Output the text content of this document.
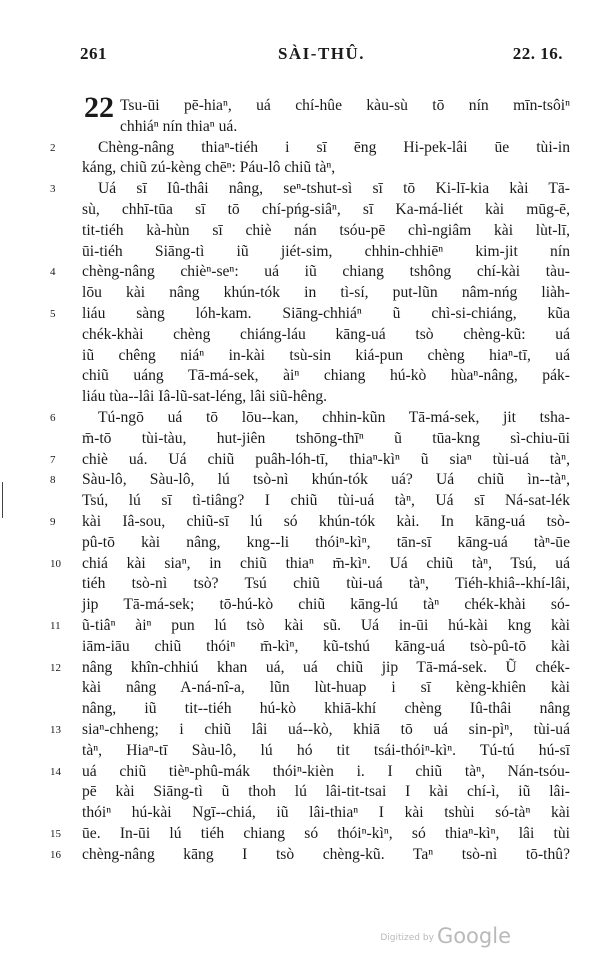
261	SÀI-THÛ.	22. 16.
22 Tsu-ūi pē-hiaⁿ, uá chí-hûe kàu-sù tō nín mīn-tsôiⁿ
chhiáⁿ nín thiaⁿ uá.
2	Chèng-nâng thiaⁿ-tiéh i sī ēng Hi-pek-lâi ūe tùi-in
káng, chiũ zú-kèng chēⁿ: Páu-lô chiũ tàⁿ,
3	Uá sī Iû-thâi nâng, seⁿ-tshut-sì sī tō Ki-lī-kia kài Tā-
sù, chhī-tūa sī tō chí-pńg-siâⁿ, sī Ka-má-liét kài mūg-ē,
tit-tiéh kà-hùn sī chiè nán tsóu-pē chì-ngiâm kài lùt-lī,
ūi-tiéh Siāng-tì iũ jiét-sim, chhin-chhiēⁿ kim-jit nín
4	chèng-nâng chièⁿ-seⁿ: uá iũ chiang tshông chí-kài tàu-
lōu kài nâng khún-tók in tì-sí, put-lũn nâm-nńg liàh-
5	liáu sàng lóh-kam. Siāng-chhiáⁿ ũ chì-si-chiáng, kũa
chék-khài chèng chiáng-láu kāng-uá tsò chèng-kũ: uá
iũ chêng niáⁿ in-kài tsù-sin kiá-pun chèng hiaⁿ-tī, uá
chiũ uáng Tā-má-sek, àiⁿ chiang hú-kò hùaⁿ-nâng, pák-
liáu tùa--lâi Iâ-lũ-sat-léng, lâi siũ-hêng.
6	Tú-ngō uá tō lōu--kan, chhin-kũn Tā-má-sek, jit tsha-
m̄-tō tùi-tàu, hut-jiên tshōng-thīⁿ ũ tūa-kng sì-chiu-ūi
7	chiè uá. Uá chiũ puâh-lóh-tī, thiaⁿ-kìⁿ ũ siaⁿ tùi-uá tàⁿ,
8	Sàu-lô, Sàu-lô, lú tsò-nì khún-tók uá? Uá chiũ ìn--tàⁿ,
Tsú, lú sī tì-tiâng? I chiũ tùi-uá tàⁿ, Uá sī Ná-sat-lék
9	kài Iâ-sou, chiũ-sī lú só khún-tók kài. In kāng-uá tsò-
pû-tō kài nâng, kng--li thóiⁿ-kìⁿ, tān-sī kāng-uá tàⁿ-ūe
10	chiá kài siaⁿ, in chiũ thiaⁿ m̄-kìⁿ. Uá chiũ tàⁿ, Tsú, uá
tiéh tsò-nì tsò? Tsú chiũ tùi-uá tàⁿ, Tiéh-khiâ--khí-lâi,
jip Tā-má-sek; tō-hú-kò chiũ kāng-lú tàⁿ chék-khài só-
11	ũ-tiâⁿ àiⁿ pun lú tsò kài sũ. Uá in-ūi hú-kài kng kài
iām-iāu chiũ thóiⁿ m̄-kìⁿ, kũ-tshú kāng-uá tsò-pû-tō kài
12	nâng khîn-chhiú khan uá, uá chiũ jip Tā-má-sek. Ũ chék-
kài nâng A-ná-nî-a, lũn lùt-huap i sī kèng-khiên kài
nâng, iũ tit--tiéh hú-kò khiā-khí chèng Iû-thâi nâng
13	siaⁿ-chheng; i chiũ lâi uá--kò, khiā tō uá sin-pìⁿ, tùi-uá
tàⁿ, Hiaⁿ-tī Sàu-lô, lú hó tit tsái-thóiⁿ-kìⁿ. Tú-tú hú-sī
14	uá chiũ tièⁿ-phû-mák thóiⁿ-kièn i. I chiũ tàⁿ, Nán-tsóu-
pē kài Siāng-tì ũ thoh lú lâi-tit-tsai I kài chí-ì, iũ lâi-
thóiⁿ hú-kài Ngī--chiá, iũ lâi-thiaⁿ I kài tshùi só-tàⁿ kài
15	ūe. In-ūi lú tiéh chiang só thóiⁿ-kìⁿ, só thiaⁿ-kìⁿ, lâi tùi
16	chèng-nâng kāng I tsò chèng-kũ. Taⁿ tsò-nì tō-thû?
Digitized by Google
